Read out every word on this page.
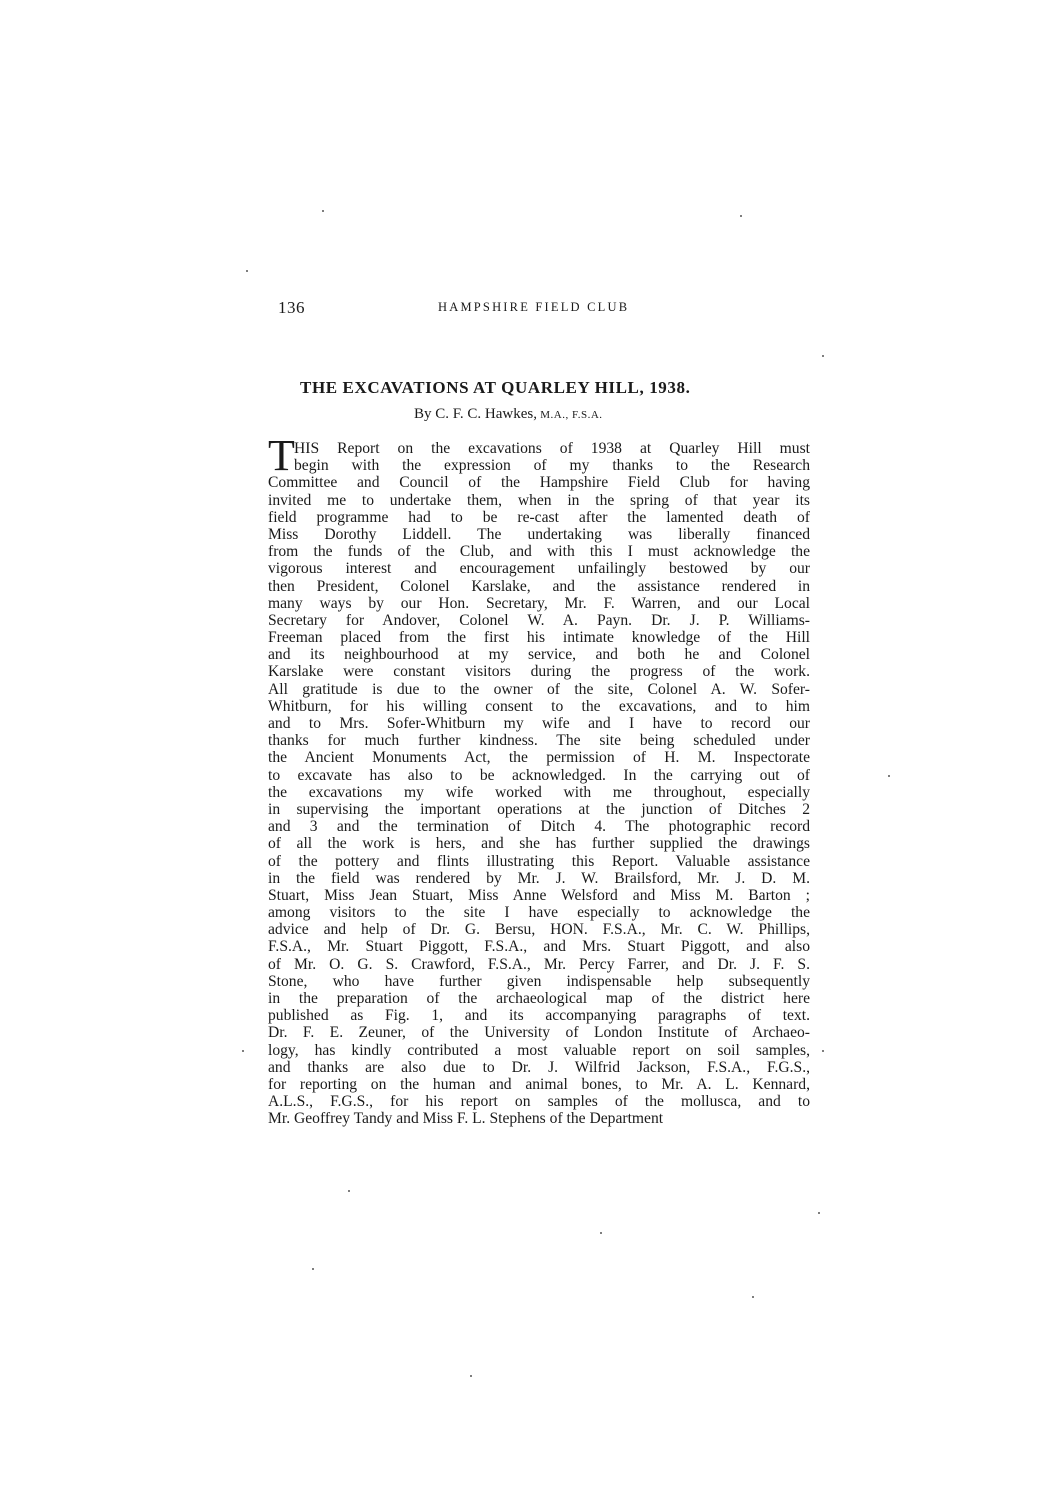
136	HAMPSHIRE FIELD CLUB
THE EXCAVATIONS AT QUARLEY HILL, 1938.
By C. F. C. Hawkes, M.A., F.S.A.
T HIS Report on the excavations of 1938 at Quarley Hill must
begin with the expression of my thanks to the Research
Committee and Council of the Hampshire Field Club for having
invited me to undertake them, when in the spring of that year its
field programme had to be re-cast after the lamented death of
Miss Dorothy Liddell. The undertaking was liberally financed
from the funds of the Club, and with this I must acknowledge the
vigorous interest and encouragement unfailingly bestowed by our
then President, Colonel Karslake, and the assistance rendered in
many ways by our Hon. Secretary, Mr. F. Warren, and our Local
Secretary for Andover, Colonel W. A. Payn. Dr. J. P. Williams-
Freeman placed from the first his intimate knowledge of the Hill
and its neighbourhood at my service, and both he and Colonel
Karslake were constant visitors during the progress of the work.
All gratitude is due to the owner of the site, Colonel A. W. Sofer-
Whitburn, for his willing consent to the excavations, and to him
and to Mrs. Sofer-Whitburn my wife and I have to record our
thanks for much further kindness. The site being scheduled under
the Ancient Monuments Act, the permission of H. M. Inspectorate
to excavate has also to be acknowledged. In the carrying out of
the excavations my wife worked with me throughout, especially
in supervising the important operations at the junction of Ditches 2
and 3 and the termination of Ditch 4. The photographic record
of all the work is hers, and she has further supplied the drawings
of the pottery and flints illustrating this Report. Valuable assistance
in the field was rendered by Mr. J. W. Brailsford, Mr. J. D. M.
Stuart, Miss Jean Stuart, Miss Anne Welsford and Miss M. Barton ;
among visitors to the site I have especially to acknowledge the
advice and help of Dr. G. Bersu, HON. F.S.A., Mr. C. W. Phillips,
F.S.A., Mr. Stuart Piggott, F.S.A., and Mrs. Stuart Piggott, and also
of Mr. O. G. S. Crawford, F.S.A., Mr. Percy Farrer, and Dr. J. F. S.
Stone, who have further given indispensable help subsequently
in the preparation of the archaeological map of the district here
published as Fig. 1, and its accompanying paragraphs of text.
Dr. F. E. Zeuner, of the University of London Institute of Archaeo-
logy, has kindly contributed a most valuable report on soil samples,
and thanks are also due to Dr. J. Wilfrid Jackson, F.S.A., F.G.S.,
for reporting on the human and animal bones, to Mr. A. L. Kennard,
A.L.S., F.G.S., for his report on samples of the mollusca, and to
Mr. Geoffrey Tandy and Miss F. L. Stephens of the Department
